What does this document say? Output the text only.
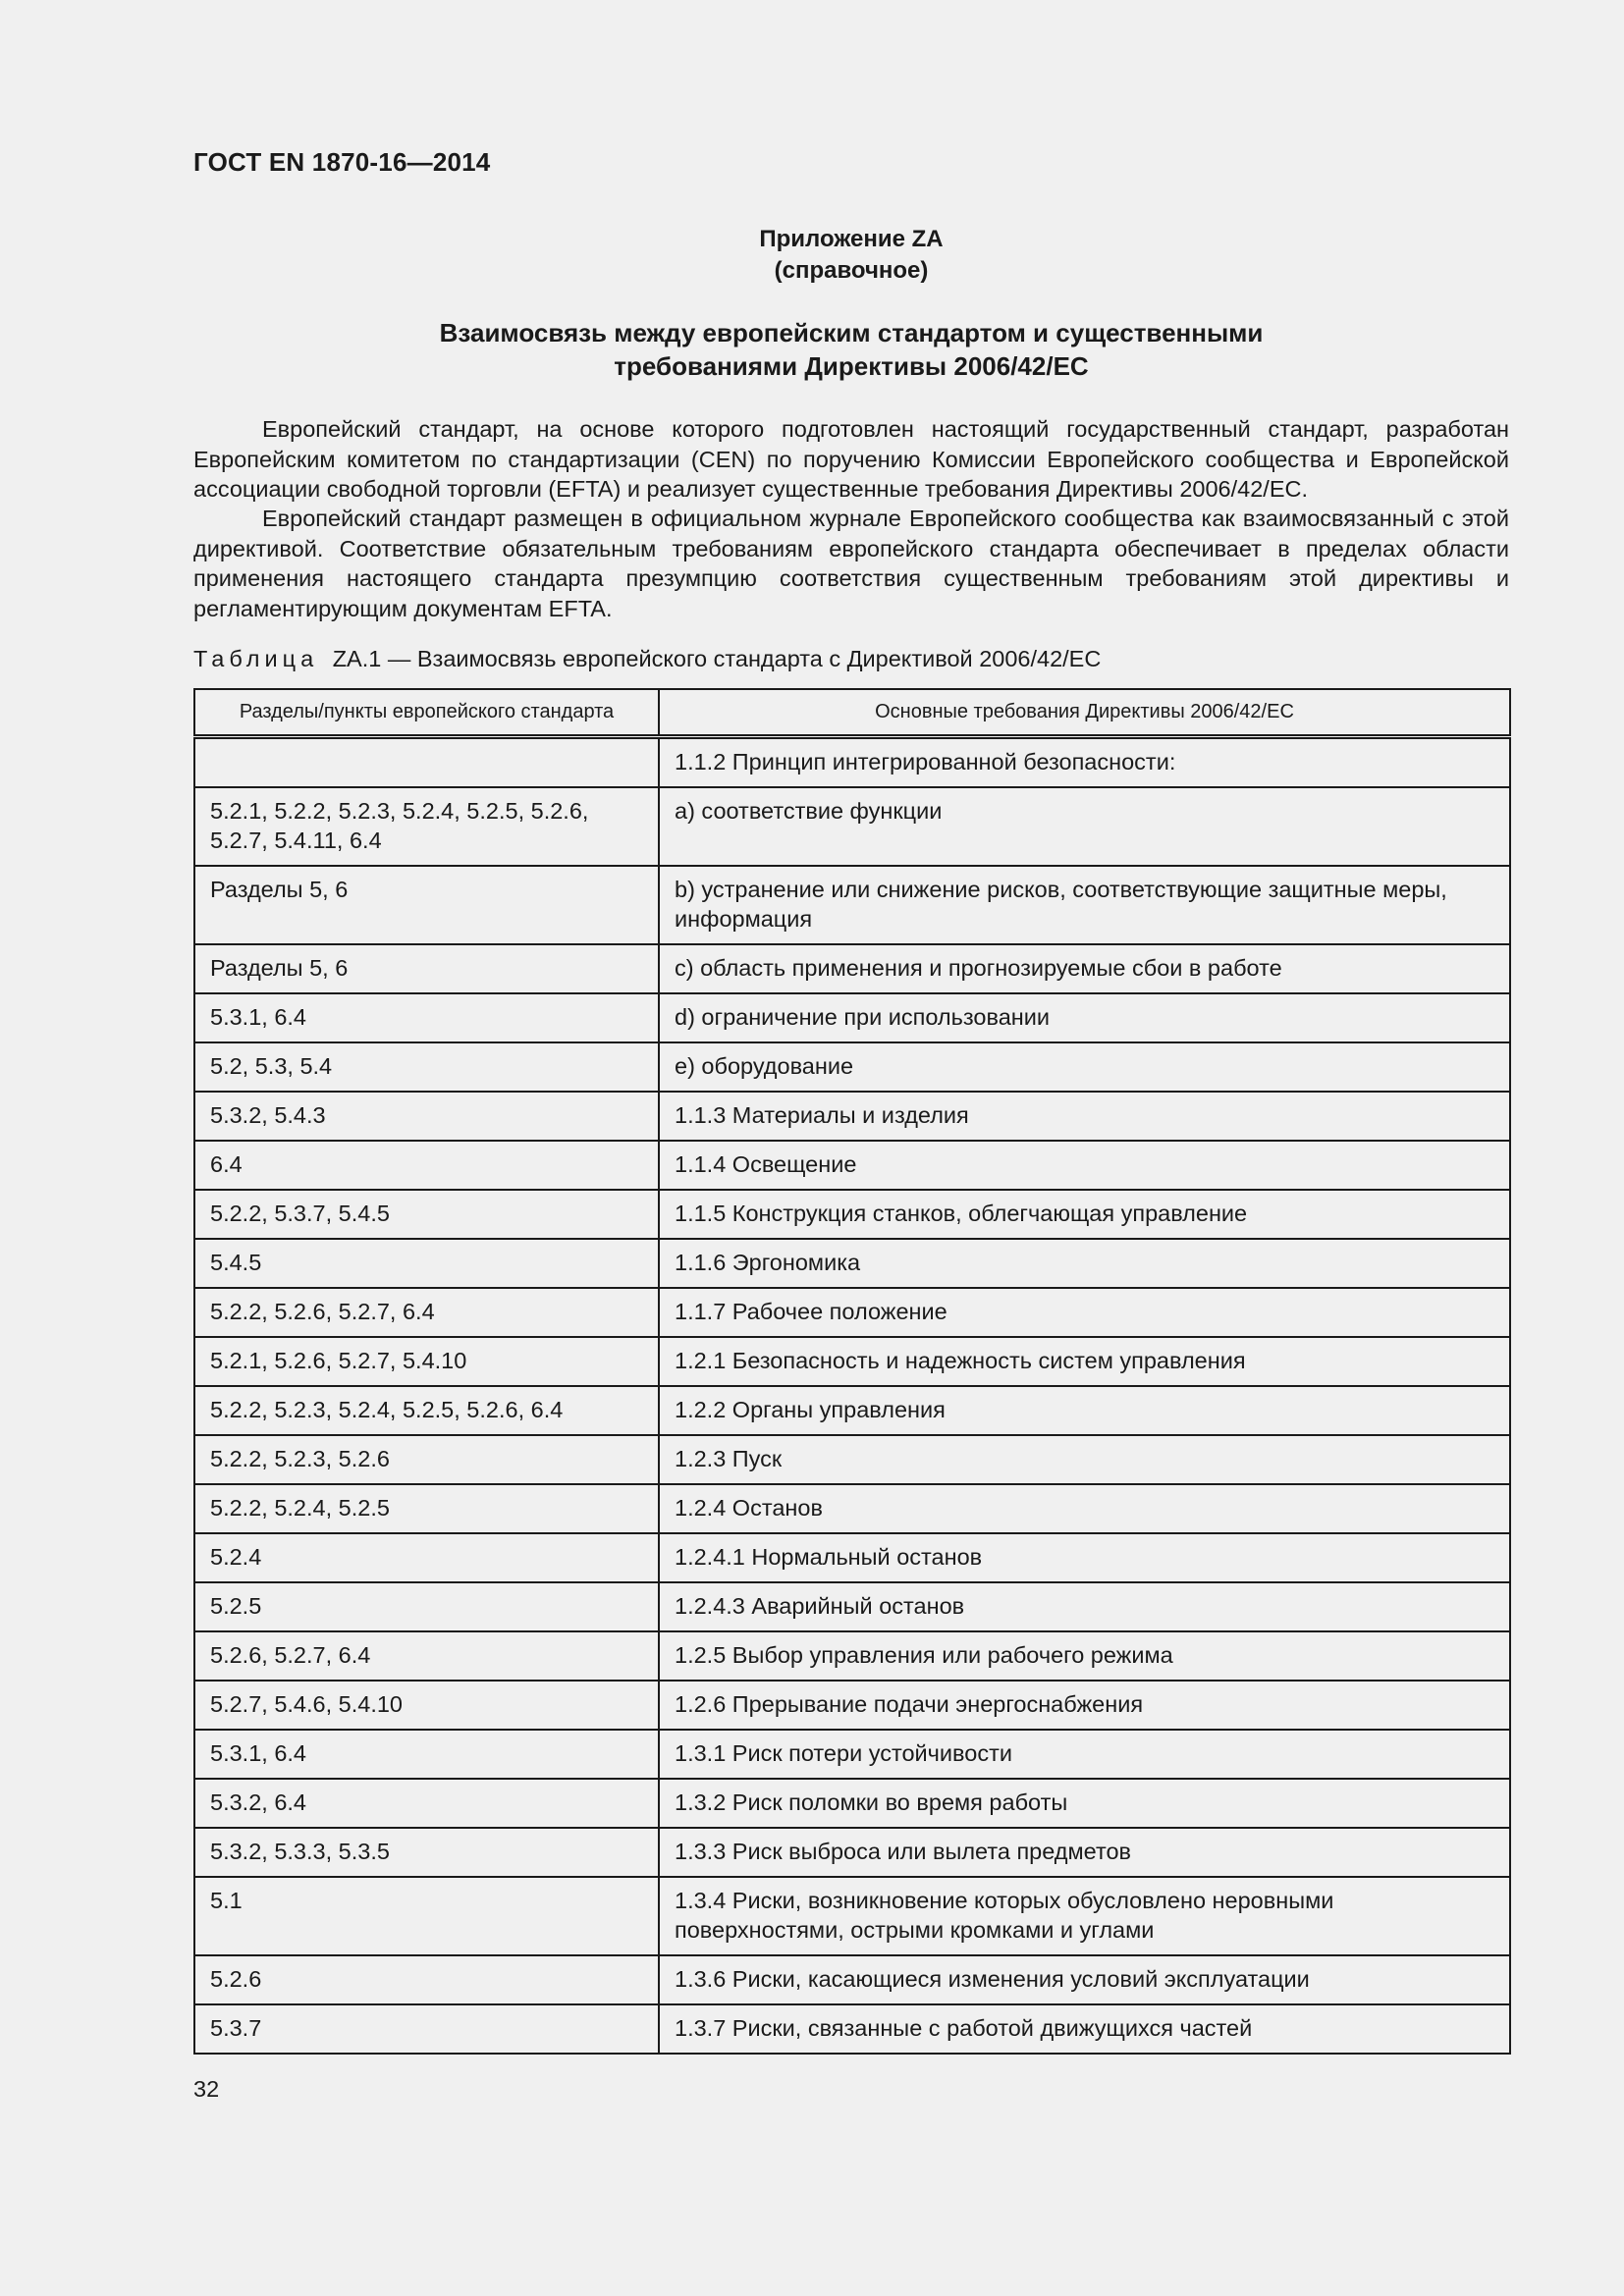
ГОСТ EN 1870-16—2014
Приложение ZA
(справочное)
Взаимосвязь между европейским стандартом и существенными
требованиями Директивы 2006/42/ЕС
Европейский стандарт, на основе которого подготовлен настоящий государственный стандарт, разработан Европейским комитетом по стандартизации (CEN) по поручению Комиссии Европейского сообщества и Европейской ассоциации свободной торговли (EFTA) и реализует существенные требования Директивы 2006/42/ЕС.
Европейский стандарт размещен в официальном журнале Европейского сообщества как взаимосвязанный с этой директивой. Соответствие обязательным требованиям европейского стандарта обеспечивает в пределах области применения настоящего стандарта презумпцию соответствия существенным требованиям этой директивы и регламентирующим документам EFTA.
Таблица ZA.1 — Взаимосвязь европейского стандарта с Директивой 2006/42/ЕС
Разделы/пункты европейского стандарта	Основные требования Директивы 2006/42/ЕС
	1.1.2 Принцип интегрированной безопасности:
5.2.1, 5.2.2, 5.2.3, 5.2.4, 5.2.5, 5.2.6, 5.2.7, 5.4.11, 6.4	a) соответствие функции
Разделы 5, 6	b) устранение или снижение рисков, соответствующие защитные меры, информация
Разделы 5, 6	c) область применения и прогнозируемые сбои в работе
5.3.1, 6.4	d) ограничение при использовании
5.2, 5.3, 5.4	e) оборудование
5.3.2, 5.4.3	1.1.3 Материалы и изделия
6.4	1.1.4 Освещение
5.2.2, 5.3.7, 5.4.5	1.1.5 Конструкция станков, облегчающая управление
5.4.5	1.1.6 Эргономика
5.2.2, 5.2.6, 5.2.7, 6.4	1.1.7 Рабочее положение
5.2.1, 5.2.6, 5.2.7, 5.4.10	1.2.1 Безопасность и надежность систем управления
5.2.2, 5.2.3, 5.2.4, 5.2.5, 5.2.6, 6.4	1.2.2 Органы управления
5.2.2, 5.2.3, 5.2.6	1.2.3 Пуск
5.2.2, 5.2.4, 5.2.5	1.2.4 Останов
5.2.4	1.2.4.1 Нормальный останов
5.2.5	1.2.4.3 Аварийный останов
5.2.6, 5.2.7, 6.4	1.2.5 Выбор управления или рабочего режима
5.2.7, 5.4.6, 5.4.10	1.2.6 Прерывание подачи энергоснабжения
5.3.1, 6.4	1.3.1 Риск потери устойчивости
5.3.2, 6.4	1.3.2 Риск поломки во время работы
5.3.2, 5.3.3, 5.3.5	1.3.3 Риск выброса или вылета предметов
5.1	1.3.4 Риски, возникновение которых обусловлено неровными поверхностями, острыми кромками и углами
5.2.6	1.3.6 Риски, касающиеся изменения условий эксплуатации
5.3.7	1.3.7 Риски, связанные с работой движущихся частей
32
